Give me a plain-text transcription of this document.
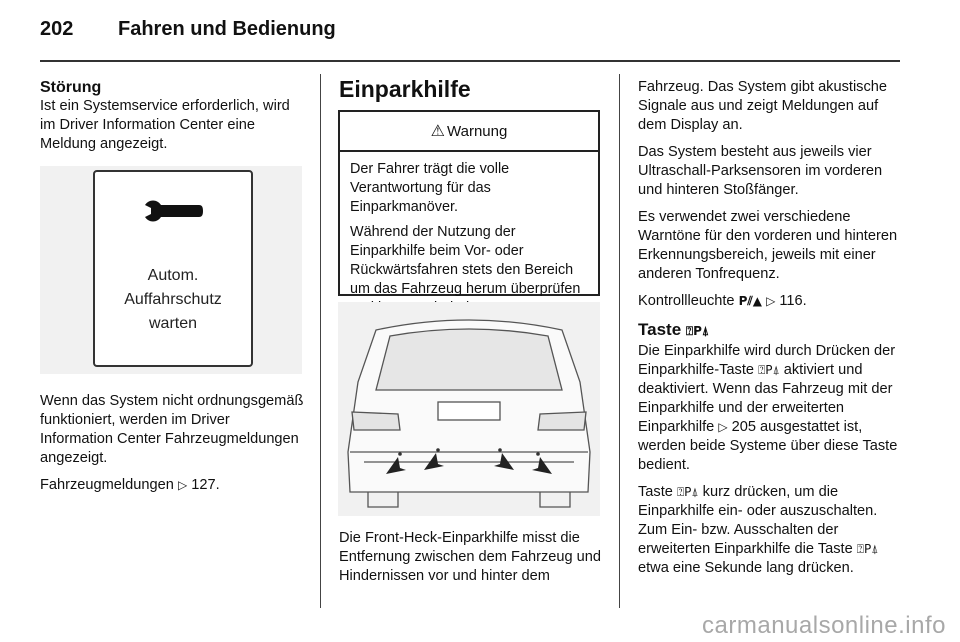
202 Fahren und Bedienung
Störung

Ist ein Systemservice erforderlich, wird im Driver Information Center eine Meldung angezeigt.

Autom.
Auffahrschutz
warten

Wenn das System nicht ordnungsgemäß funktioniert, werden im Driver Information Center Fahrzeugmeldungen angezeigt.

Fahrzeugmeldungen ▷ 127.

Einparkhilfe
⚠ Warnung

Der Fahrer trägt die volle Verantwortung für das Einparkmanöver.

Während der Nutzung der Einparkhilfe beim Vor- oder Rückwärtsfahren stets den Bereich um das Fahrzeug herum überprüfen

Die Front-Heck-Einparkhilfe misst die Entfernung zwischen dem Fahrzeug und Hindernissen vor und hinter dem

Fahrzeug. Das System gibt akustische Signale aus und zeigt Meldungen auf dem Display an.

Das System besteht aus jeweils vier Ultraschall-Parksensoren im vorderen und hinteren Stoßfänger.

Es verwendet zwei verschiedene Warntöne für den vorderen und hinteren Erkennungsbereich, jeweils mit einer anderen Tonfrequenz.

Kontrollleuchte P⫽▲ ▷ 116.

Taste ⍰P⍋

Die Einparkhilfe wird durch Drücken der Einparkhilfe-Taste ⍰P⍋ aktiviert und deaktiviert. Wenn das Fahrzeug mit der Einparkhilfe und der erweiterten Einparkhilfe ▷ 205 ausgestattet ist, werden beide Systeme über diese Taste bedient.

Taste ⍰P⍋ kurz drücken, um die Einparkhilfe ein- oder auszuschalten. Zum Ein- bzw. Ausschalten der erweiterten Einparkhilfe die Taste ⍰P⍋ etwa eine Sekunde lang drücken.

carmanualsonline.info
